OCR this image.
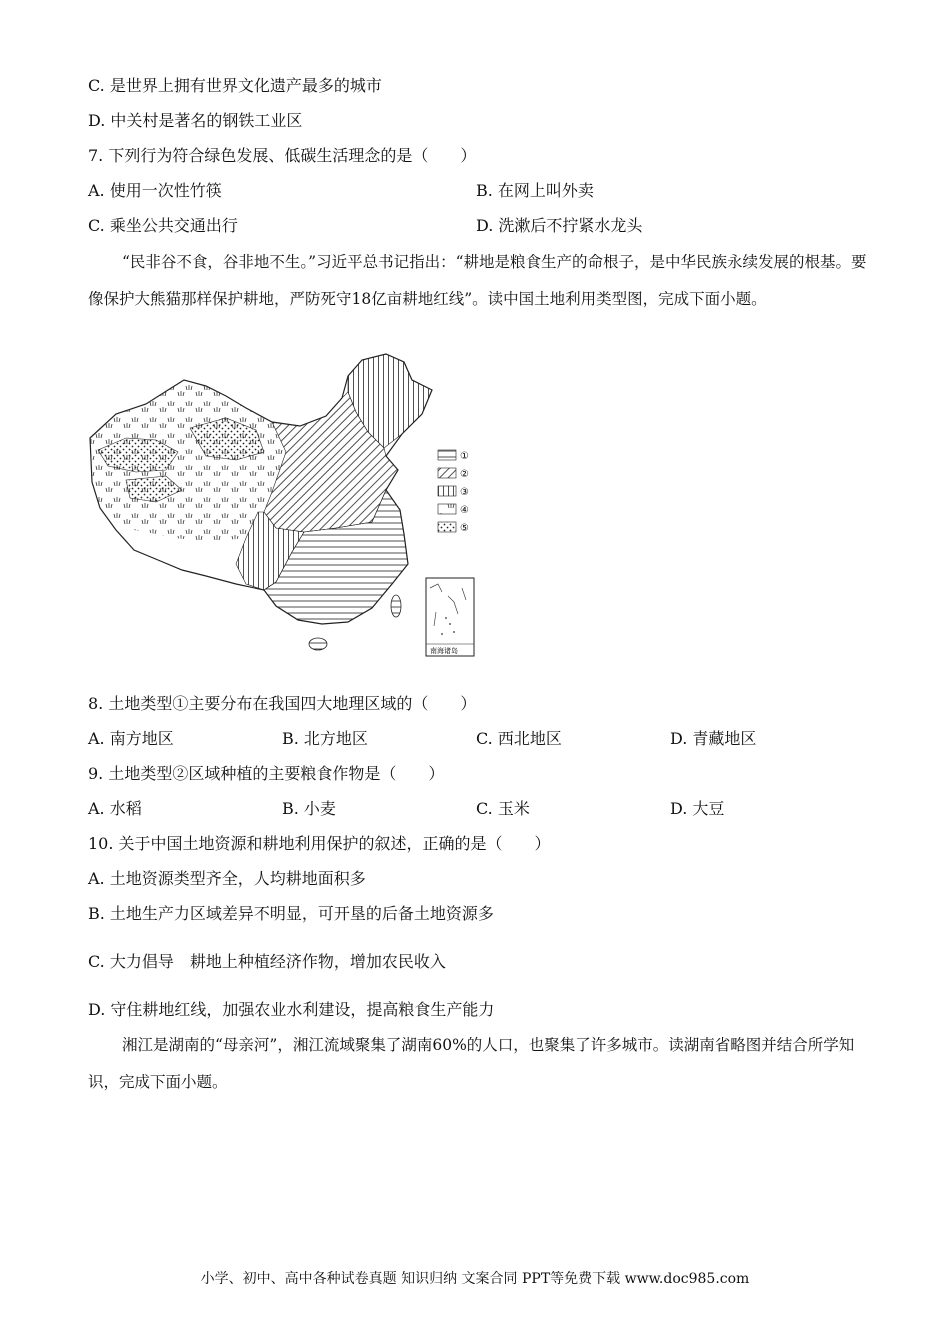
C. 是世界上拥有世界文化遗产最多的城市
D. 中关村是著名的钢铁工业区
7. 下列行为符合绿色发展、低碳生活理念的是（　　）
A. 使用一次性竹筷	B. 在网上叫外卖
C. 乘坐公共交通出行	D. 洗漱后不拧紧水龙头
“民非谷不食，谷非地不生。”习近平总书记指出：“耕地是粮食生产的命根子，是中华民族永续发展的根基。要像保护大熊猫那样保护耕地，严防死守18亿亩耕地红线”。读中国土地利用类型图，完成下面小题。
①
②
③
④
⑤
南海诸岛
8. 土地类型①主要分布在我国四大地理区域的（　　）
A. 南方地区	B. 北方地区	C. 西北地区	D. 青藏地区
9. 土地类型②区域种植的主要粮食作物是（　　）
A. 水稻	B. 小麦	C. 玉米	D. 大豆
10. 关于中国土地资源和耕地利用保护的叙述，正确的是（　　）
A. 土地资源类型齐全，人均耕地面积多
B. 土地生产力区域差异不明显，可开垦的后备土地资源多
C. 大力倡导　耕地上种植经济作物，增加农民收入
D. 守住耕地红线，加强农业水利建设，提高粮食生产能力
湘江是湖南的“母亲河”，湘江流域聚集了湖南60%的人口，也聚集了许多城市。读湖南省略图并结合所学知识，完成下面小题。
小学、初中、高中各种试卷真题 知识归纳 文案合同 PPT等免费下载 www.doc985.com
